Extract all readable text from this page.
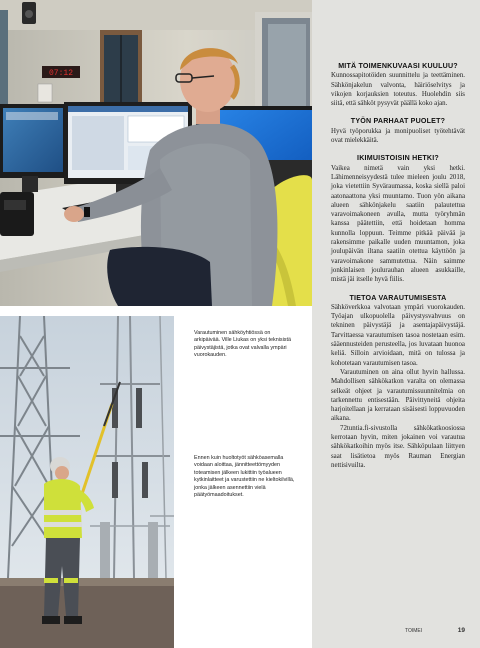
07:12
Varautuminen sähköyhtiössä on arkipäivää. Ville Liukas on yksi teknisistä päivystäjistä, jotka ovat valvalla ympäri vuorokauden.
Ennen kuin huoltotyöt sähköasemalla voidaan aloittaa, jännitteettömyyden toteamisen jälkeen lukittiin työalueen kytkinlaitteet ja varustettiin ne kieltokilvillä, jonka jälkeen asennettiin vielä päätyömaadoitukset.
MITÄ TOIMENKUVAASI KUULUU?

Kunnossapitotöiden suunnittelu ja teettäminen. Sähkönjakelun valvonta, häiriöselvitys ja vikojen korjauksien toteutus. Huolehdin siis siitä, että sähköt pysyvät päällä koko ajan.

TYÖN PARHAAT PUOLET?

Hyvä työporukka ja monipuoliset työtehtävät ovat mielekkäitä.

IKIMUISTOISIN HETKI?

Vaikea nimetä vain yksi hetki. Lähimenneisyydestä tulee mieleen joulu 2018, joka vietettiin Syväraumassa, koska siellä paloi aatonaattona yksi muuntamo. Tuon yön aikana alueen sähkönjakelu saatiin palautettua varavoimakoneen avulla, mutta työryhmän kanssa päätettiin, että hoidetaan homma kunnolla loppuun. Teimme pitkää päivää ja rakensimme paikalle uuden muuntamon, joka joulupäivän iltana saatiin otettua käyttöön ja varavoimakone sammutettua. Näin saimme jonkinlaisen joulurauhan alueen asukkaille, mistä jäi itselle hyvä fiilis.

TIETOA VARAUTUMISESTA

Sähköverkkoa valvotaan ympäri vuorokauden. Työajan ulkopuolella päivystysvahvuus on tekninen päivystäjä ja asentajapäivystäjä. Tarvittaessa varautumisen tasoa nostetaan esim. sääennusteiden perusteella, jos luvataan huonoa keliä. Silloin arvioidaan, mitä on tulossa ja kohotetaan varautumisen tasoa.

Varautuminen on aina ollut hyvin hallussa. Mahdollisen sähkökatkon varalta on olemassa selkeät ohjeet ja varautumissuunnitelmia on tarkennettu entisestään. Päivittyneitä ohjeita harjoitellaan ja kerrataan sisäisesti loppuvuoden aikana.

72tuntia.fi-sivustolla sähkökatkoosiossa kerrotaan hyvin, miten jokainen voi varautua sähkökatkoihin myös itse. Sähköpulaan liittyen saat lisätietoa myös Rauman Energian nettisivuilta.

TOIMEI	19
